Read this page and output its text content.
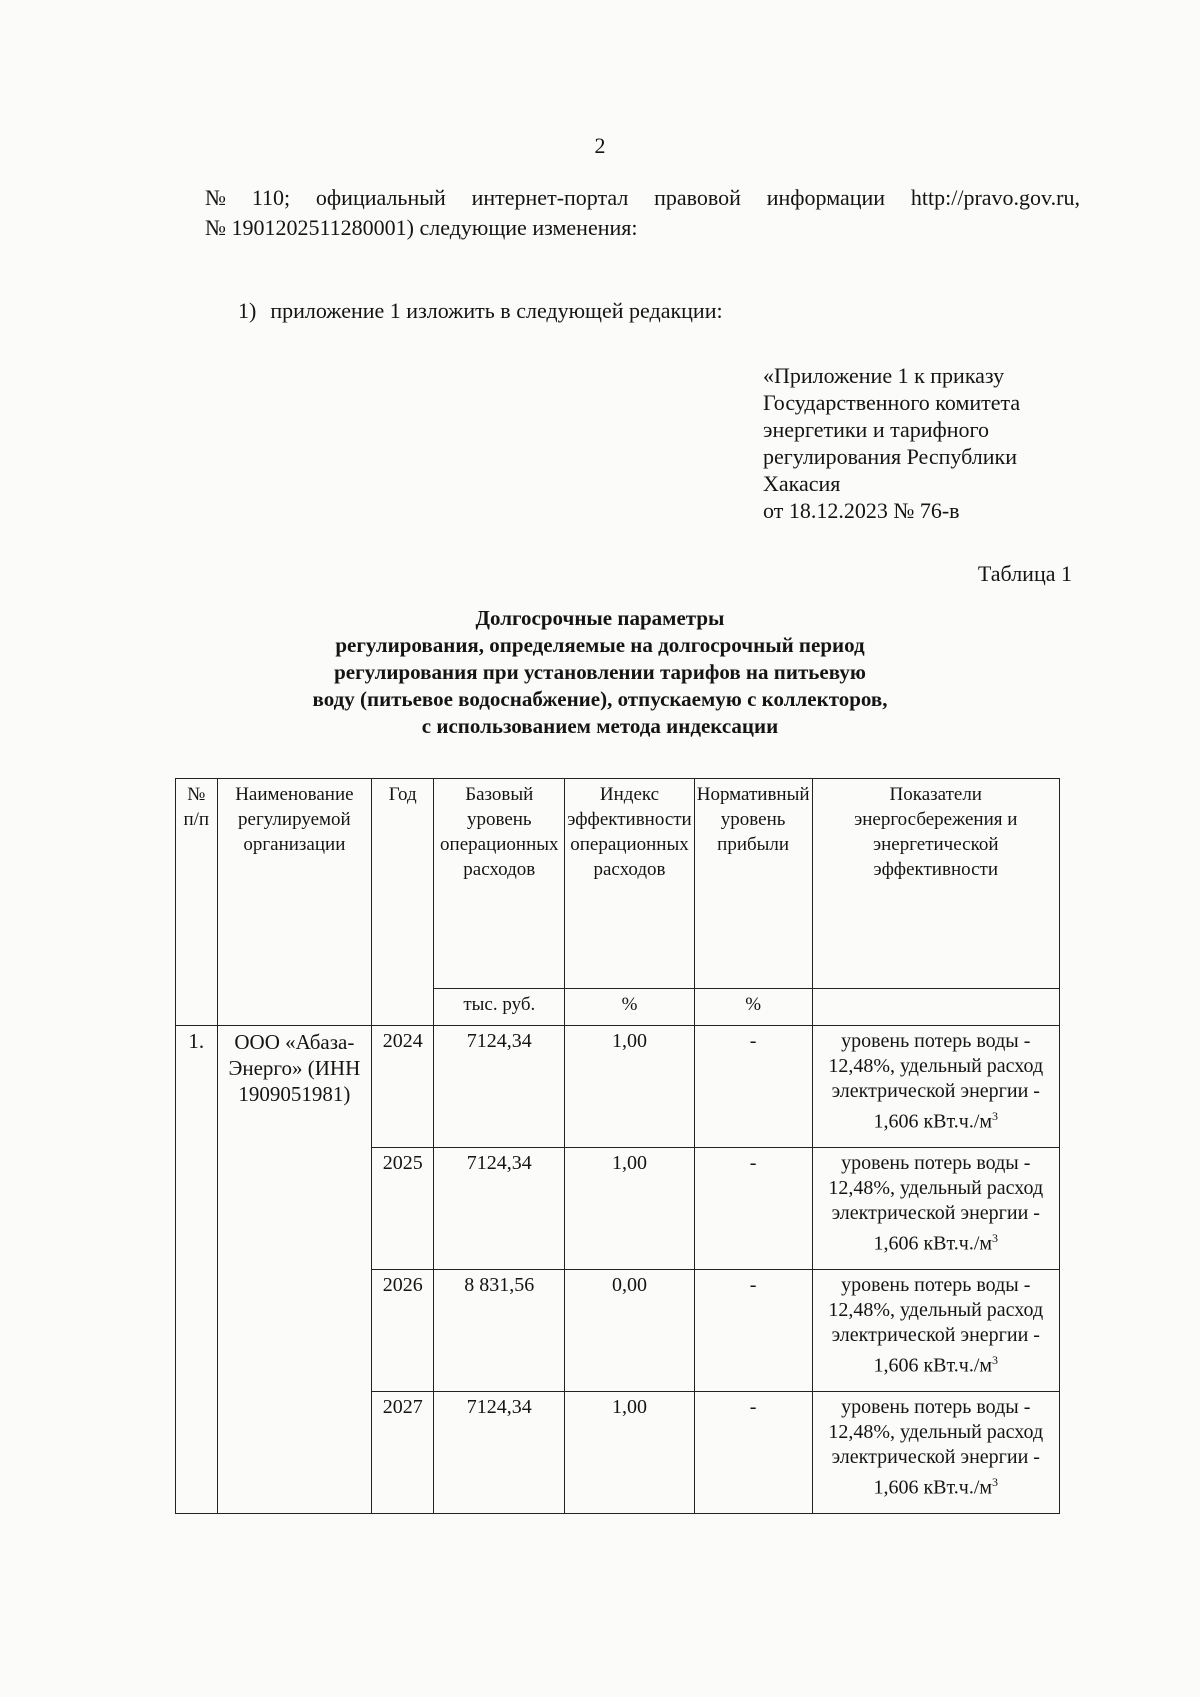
2
№ 110; официальный интернет-портал правовой информации http://pravo.gov.ru,
№ 1901202511280001) следующие изменения:
1) приложение 1 изложить в следующей редакции:
«Приложение 1 к приказу
Государственного комитета
энергетики и тарифного
регулирования Республики
Хакасия
от 18.12.2023 № 76-в
Таблица 1
Долгосрочные параметры
регулирования, определяемые на долгосрочный период
регулирования при установлении тарифов на питьевую
воду (питьевое водоснабжение), отпускаемую с коллекторов,
с использованием метода индексации
№ п/п	Наименование регулируемой организации	Год	Базовый уровень операционных расходов	Индекс эффективности операционных расходов	Нормативный уровень прибыли	Показатели энергосбережения и энергетической эффективности
			тыс. руб.	%	%	
1.	ООО «Абаза-Энерго» (ИНН 1909051981)	2024	7124,34	1,00	-	уровень потерь воды - 12,48%, удельный расход электрической энергии - 1,606 $кВт.ч./м^3$
		2025	7124,34	1,00	-	уровень потерь воды - 12,48%, удельный расход электрической энергии - 1,606 $кВт.ч./м^3$
		2026	8 831,56	0,00	-	уровень потерь воды - 12,48%, удельный расход электрической энергии - 1,606 $кВт.ч./м^3$
		2027	7124,34	1,00	-	уровень потерь воды - 12,48%, удельный расход электрической энергии - 1,606 $кВт.ч./м^3$
